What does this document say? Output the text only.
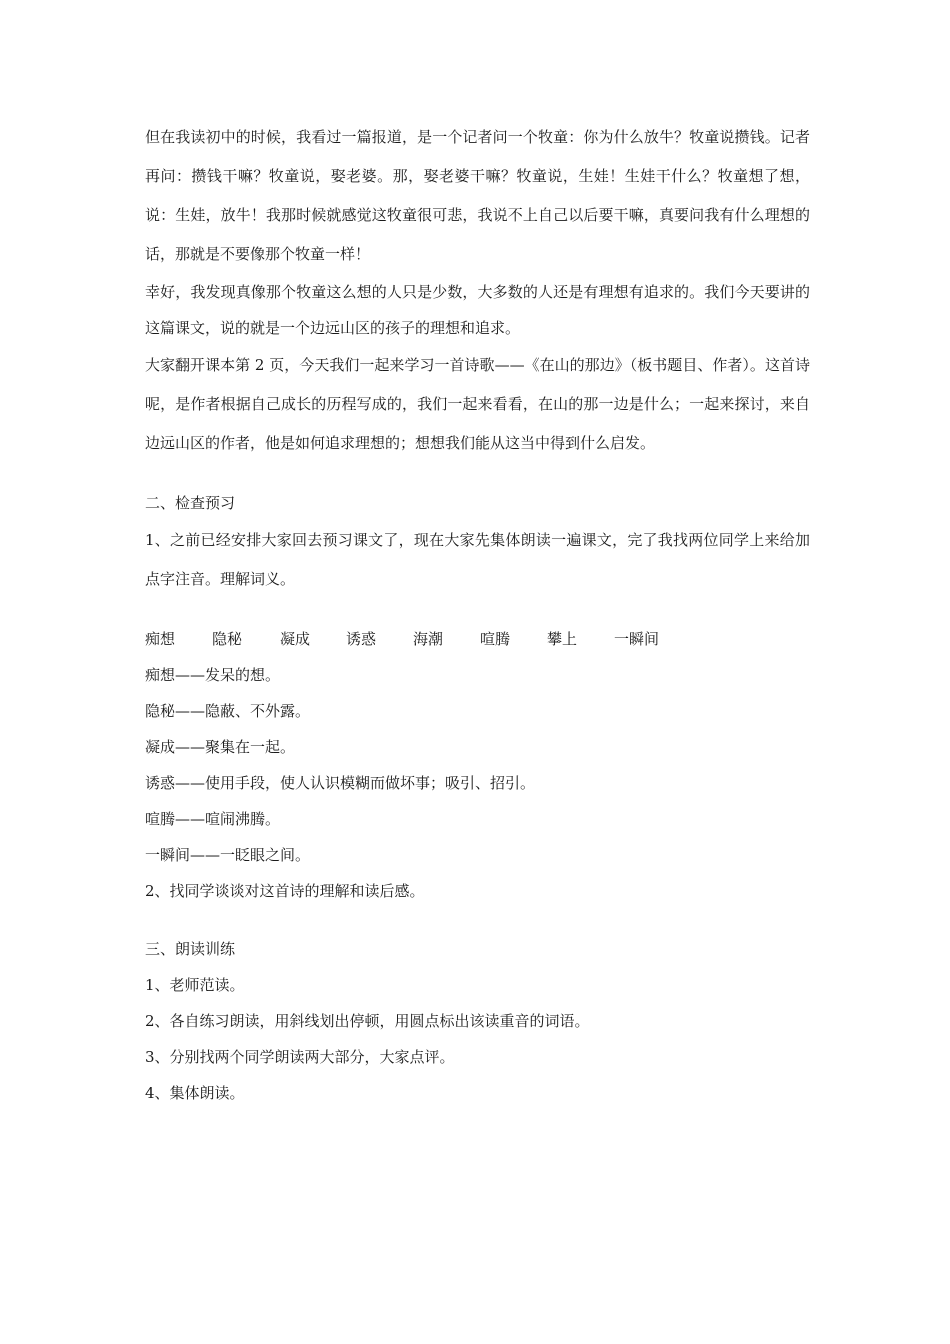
但在我读初中的时候，我看过一篇报道，是一个记者问一个牧童：你为什么放牛？牧童说攒钱。记者再问：攒钱干嘛？牧童说，娶老婆。那，娶老婆干嘛？牧童说，生娃！生娃干什么？牧童想了想，说：生娃，放牛！我那时候就感觉这牧童很可悲，我说不上自己以后要干嘛，真要问我有什么理想的话，那就是不要像那个牧童一样！

幸好，我发现真像那个牧童这么想的人只是少数，大多数的人还是有理想有追求的。我们今天要讲的这篇课文，说的就是一个边远山区的孩子的理想和追求。

大家翻开课本第 2 页，今天我们一起来学习一首诗歌——《在山的那边》（板书题目、作者）。这首诗呢，是作者根据自己成长的历程写成的，我们一起来看看，在山的那一边是什么；一起来探讨，来自边远山区的作者，他是如何追求理想的；想想我们能从这当中得到什么启发。

二、检查预习

1、之前已经安排大家回去预习课文了，现在大家先集体朗读一遍课文，完了我找两位同学上来给加点字注音。理解词义。

痴想	隐秘	凝成	诱惑	海潮	喧腾	攀上	一瞬间

痴想——发呆的想。

隐秘——隐蔽、不外露。

凝成——聚集在一起。

诱惑——使用手段，使人认识模糊而做坏事；吸引、招引。

喧腾——喧闹沸腾。

一瞬间——一眨眼之间。

2、找同学谈谈对这首诗的理解和读后感。

三、朗读训练

1、老师范读。

2、各自练习朗读，用斜线划出停顿，用圆点标出该读重音的词语。

3、分别找两个同学朗读两大部分，大家点评。

4、集体朗读。
